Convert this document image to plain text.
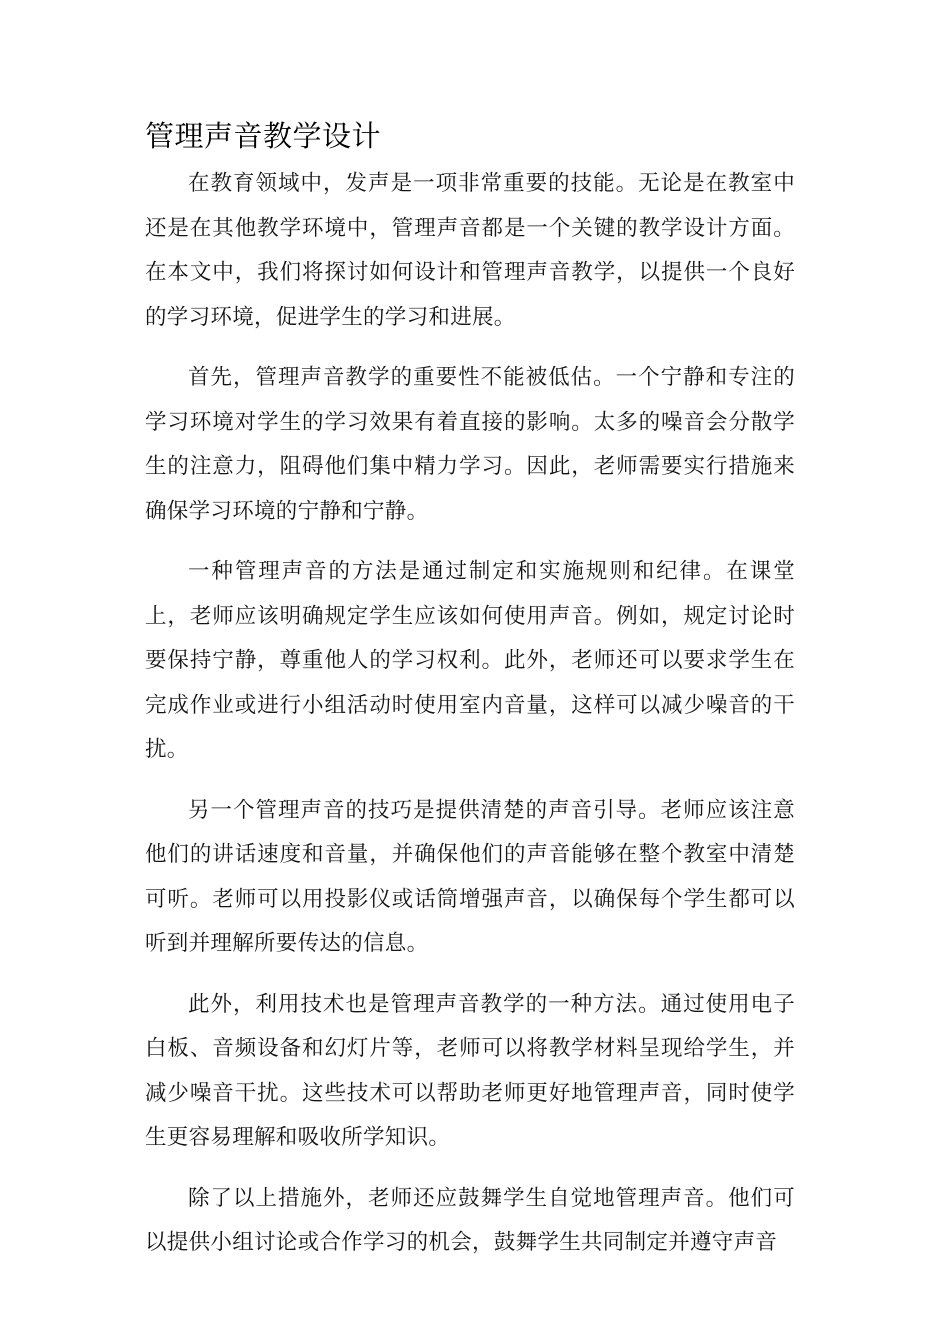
管理声音教学设计

在教育领域中，发声是一项非常重要的技能。无论是在教室中还是在其他教学环境中，管理声音都是一个关键的教学设计方面。在本文中，我们将探讨如何设计和管理声音教学，以提供一个良好的学习环境，促进学生的学习和进展。

首先，管理声音教学的重要性不能被低估。一个宁静和专注的学习环境对学生的学习效果有着直接的影响。太多的噪音会分散学生的注意力，阻碍他们集中精力学习。因此，老师需要实行措施来确保学习环境的宁静和宁静。

一种管理声音的方法是通过制定和实施规则和纪律。在课堂上，老师应该明确规定学生应该如何使用声音。例如，规定讨论时要保持宁静，尊重他人的学习权利。此外，老师还可以要求学生在完成作业或进行小组活动时使用室内音量，这样可以减少噪音的干扰。

另一个管理声音的技巧是提供清楚的声音引导。老师应该注意他们的讲话速度和音量，并确保他们的声音能够在整个教室中清楚可听。老师可以用投影仪或话筒增强声音，以确保每个学生都可以听到并理解所要传达的信息。

此外，利用技术也是管理声音教学的一种方法。通过使用电子白板、音频设备和幻灯片等，老师可以将教学材料呈现给学生，并减少噪音干扰。这些技术可以帮助老师更好地管理声音，同时使学生更容易理解和吸收所学知识。

除了以上措施外，老师还应鼓舞学生自觉地管理声音。他们可以提供小组讨论或合作学习的机会，鼓舞学生共同制定并遵守声音
